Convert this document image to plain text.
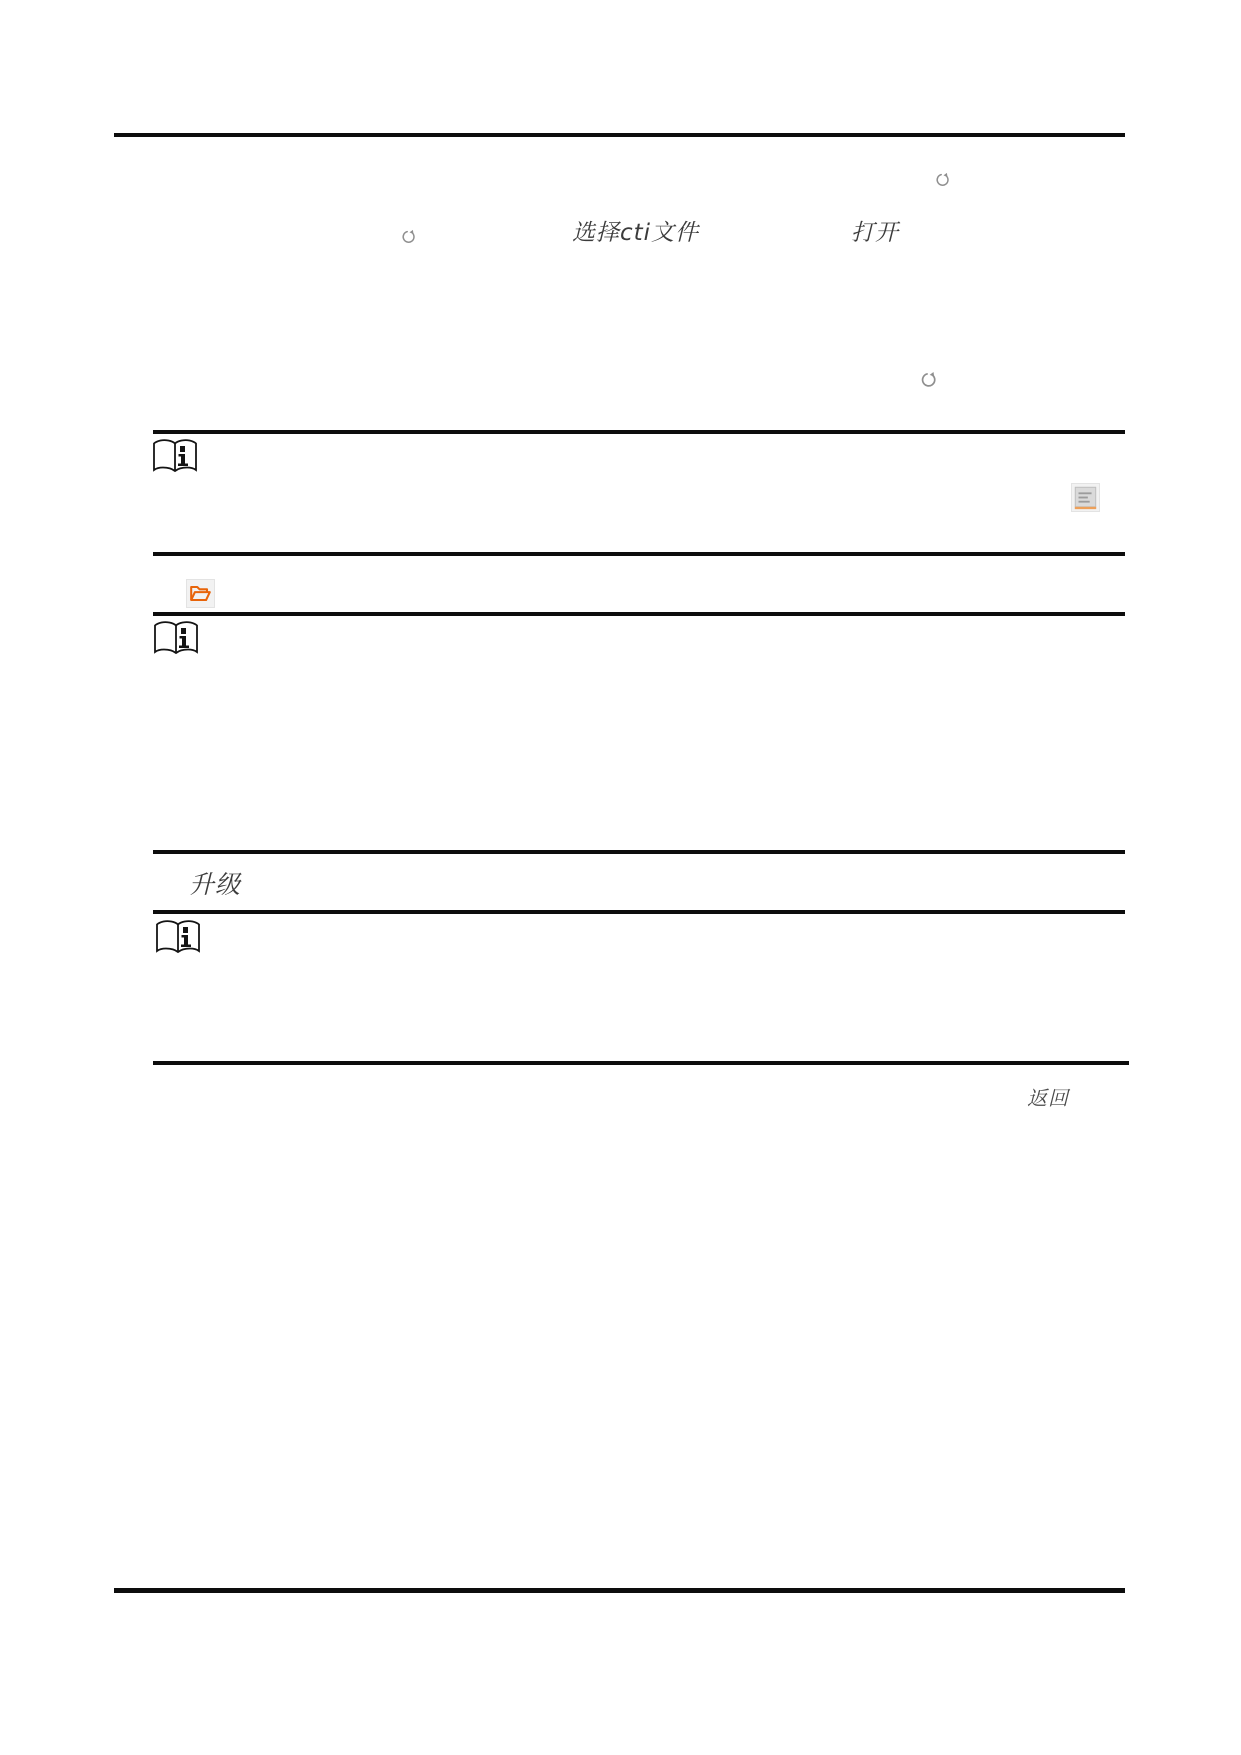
选择cti文件	打开
升级
返回
